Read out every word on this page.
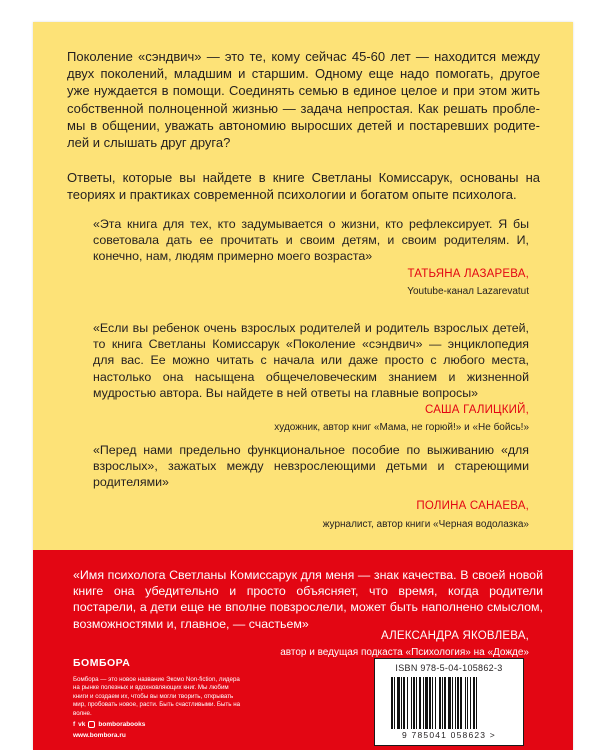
Поколение «сэндвич» — это те, кому сейчас 45-60 лет — находится между двух поколений, младшим и старшим. Одному еще надо помогать, другое уже нуждается в помощи. Соединять семью в единое целое и при этом жить собственной полноценной жизнью — задача непростая. Как решать проблемы в общении, уважать автономию выросших детей и постаревших родителей и слышать друг друга?

Ответы, которые вы найдете в книге Светланы Комиссарук, основаны на теориях и практиках современной психологии и богатом опыте психолога.

«Эта книга для тех, кто задумывается о жизни, кто рефлексирует. Я бы советовала дать ее прочитать и своим детям, и своим родителям. И, конечно, нам, людям примерно моего возраста»

ТАТЬЯНА ЛАЗАРЕВА,
Youtube-канал Lazarevatut

«Если вы ребенок очень взрослых родителей и родитель взрослых детей, то книга Светланы Комиссарук «Поколение «сэндвич» — энциклопедия для вас. Ее можно читать с начала или даже просто с любого места, настолько она насыщена общечеловеческим знанием и жизненной мудростью автора. Вы найдете в ней ответы на главные вопросы»

САША ГАЛИЦКИЙ,
художник, автор книг «Мама, не горюй!» и «Не бойсь!»

«Перед нами предельно функциональное пособие по выживанию «для взрослых», зажатых между невзрослеющими детьми и стареющими родителями»

ПОЛИНА САНАЕВА,
журналист, автор книги «Черная водолазка»

«Имя психолога Светланы Комиссарук для меня — знак качества. В своей новой книге она убедительно и просто объясняет, что время, когда родители постарели, а дети еще не вполне повзрослели, может быть наполнено смыслом, возможностями и, главное, — счастьем»

АЛЕКСАНДРА ЯКОВЛЕВА,
автор и ведущая подкаста «Психология» на «Дожде»
БОМБОРА

Бомбора — это новое название Эксмо Non-fiction, лидера на рынке полезных и вдохновляющих книг. Мы любим книги и создаем их, чтобы вы могли творить, открывать мир, пробовать новое, расти. Быть счастливыми. Быть на волне.

f vk bomborabooks
www.bombora.ru
ISBN 978-5-04-105862-3
9 785041 058623 >
